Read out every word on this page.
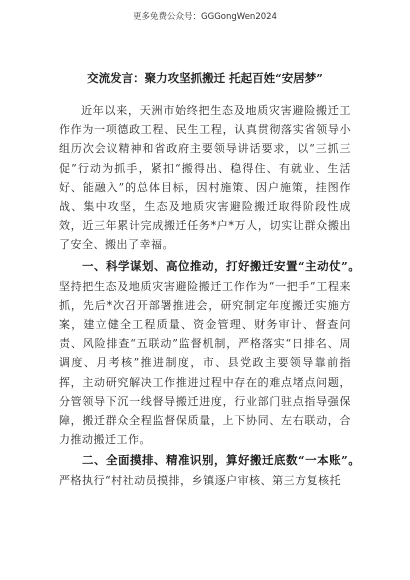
更多免费公众号：GGGongWen2024
交流发言：聚力攻坚抓搬迁 托起百姓“安居梦”

近年以来，天洲市始终把生态及地质灾害避险搬迁工作作为一项德政工程、民生工程，认真贯彻落实省领导小组历次会议精神和省政府主要领导讲话要求，以“三抓三促”行动为抓手，紧扣“搬得出、稳得住、有就业、生活好、能融入”的总体目标，因村施策、因户施策，挂图作战、集中攻坚，生态及地质灾害避险搬迁取得阶段性成效，近三年累计完成搬迁任务*户*万人，切实让群众搬出了安全、搬出了幸福。

一、科学谋划、高位推动，打好搬迁安置“主动仗”。

坚持把生态及地质灾害避险搬迁工作作为“一把手”工程来抓，先后*次召开部署推进会，研究制定年度搬迁实施方案，建立健全工程质量、资金管理、财务审计、督查问责、风险排查“五联动”监督机制，严格落实“日排名、周调度、月考核”推进制度，市、县党政主要领导靠前指挥，主动研究解决工作推进过程中存在的难点堵点问题，分管领导下沉一线督导搬迁进度，行业部门驻点指导强保障，搬迁群众全程监督保质量，上下协同、左右联动，合力推动搬迁工作。

二、全面摸排、精准识别，算好搬迁底数“一本账”。

严格执行“村社动员摸排，乡镇逐户审核、第三方复核托
